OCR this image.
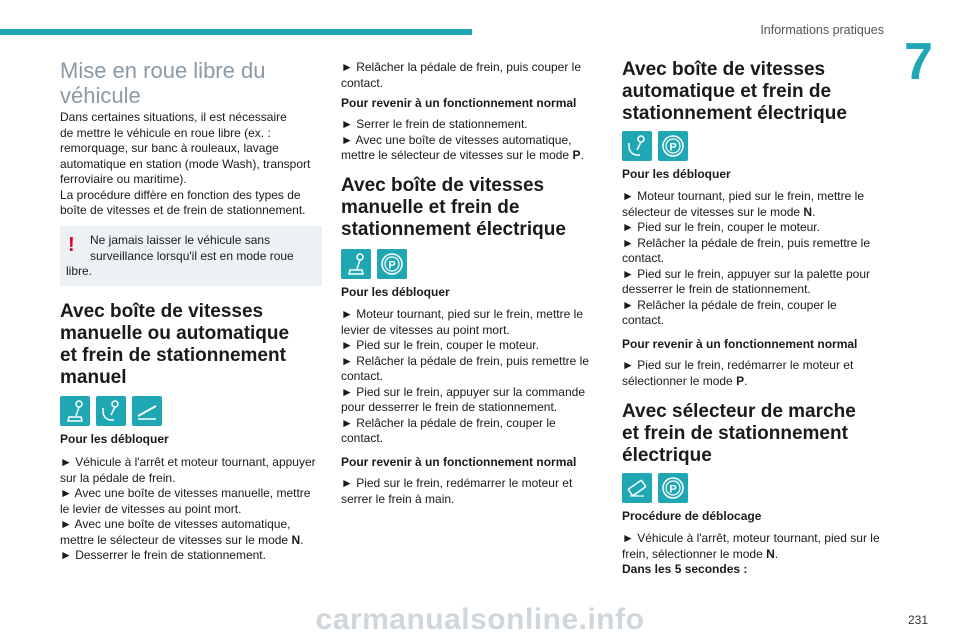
Informations pratiques
7
Mise en roue libre du
véhicule
Dans certaines situations, il est nécessaire
de mettre le véhicule en roue libre (ex. :
remorquage, sur banc à rouleaux, lavage
automatique en station (mode Wash), transport
ferroviaire ou maritime).
La procédure diffère en fonction des types de
boîte de vitesses et de frein de stationnement.
! Ne jamais laisser le véhicule sans
surveillance lorsqu'il est en mode roue
libre.
Avec boîte de vitesses
manuelle ou automatique
et frein de stationnement
manuel
Pour les débloquer
► Véhicule à l'arrêt et moteur tournant, appuyer
sur la pédale de frein.
► Avec une boîte de vitesses manuelle, mettre
le levier de vitesses au point mort.
► Avec une boîte de vitesses automatique,
mettre le sélecteur de vitesses sur le mode N.
► Desserrer le frein de stationnement.
► Relâcher la pédale de frein, puis couper le
contact.
Pour revenir à un fonctionnement normal
► Serrer le frein de stationnement.
► Avec une boîte de vitesses automatique,
mettre le sélecteur de vitesses sur le mode P.
Avec boîte de vitesses
manuelle et frein de
stationnement électrique
P
Pour les débloquer
► Moteur tournant, pied sur le frein, mettre le
levier de vitesses au point mort.
► Pied sur le frein, couper le moteur.
► Relâcher la pédale de frein, puis remettre le
contact.
► Pied sur le frein, appuyer sur la commande
pour desserrer le frein de stationnement.
► Relâcher la pédale de frein, couper le
contact.
Pour revenir à un fonctionnement normal
► Pied sur le frein, redémarrer le moteur et
serrer le frein à main.
Avec boîte de vitesses
automatique et frein de
stationnement électrique
P
Pour les débloquer
► Moteur tournant, pied sur le frein, mettre le
sélecteur de vitesses sur le mode N.
► Pied sur le frein, couper le moteur.
► Relâcher la pédale de frein, puis remettre le
contact.
► Pied sur le frein, appuyer sur la palette pour
desserrer le frein de stationnement.
► Relâcher la pédale de frein, couper le
contact.
Pour revenir à un fonctionnement normal
► Pied sur le frein, redémarrer le moteur et
sélectionner le mode P.
Avec sélecteur de marche
et frein de stationnement
électrique
P
Procédure de déblocage
► Véhicule à l'arrêt, moteur tournant, pied sur le
frein, sélectionner le mode N.
Dans les 5 secondes :
carmanualsonline.info	231
